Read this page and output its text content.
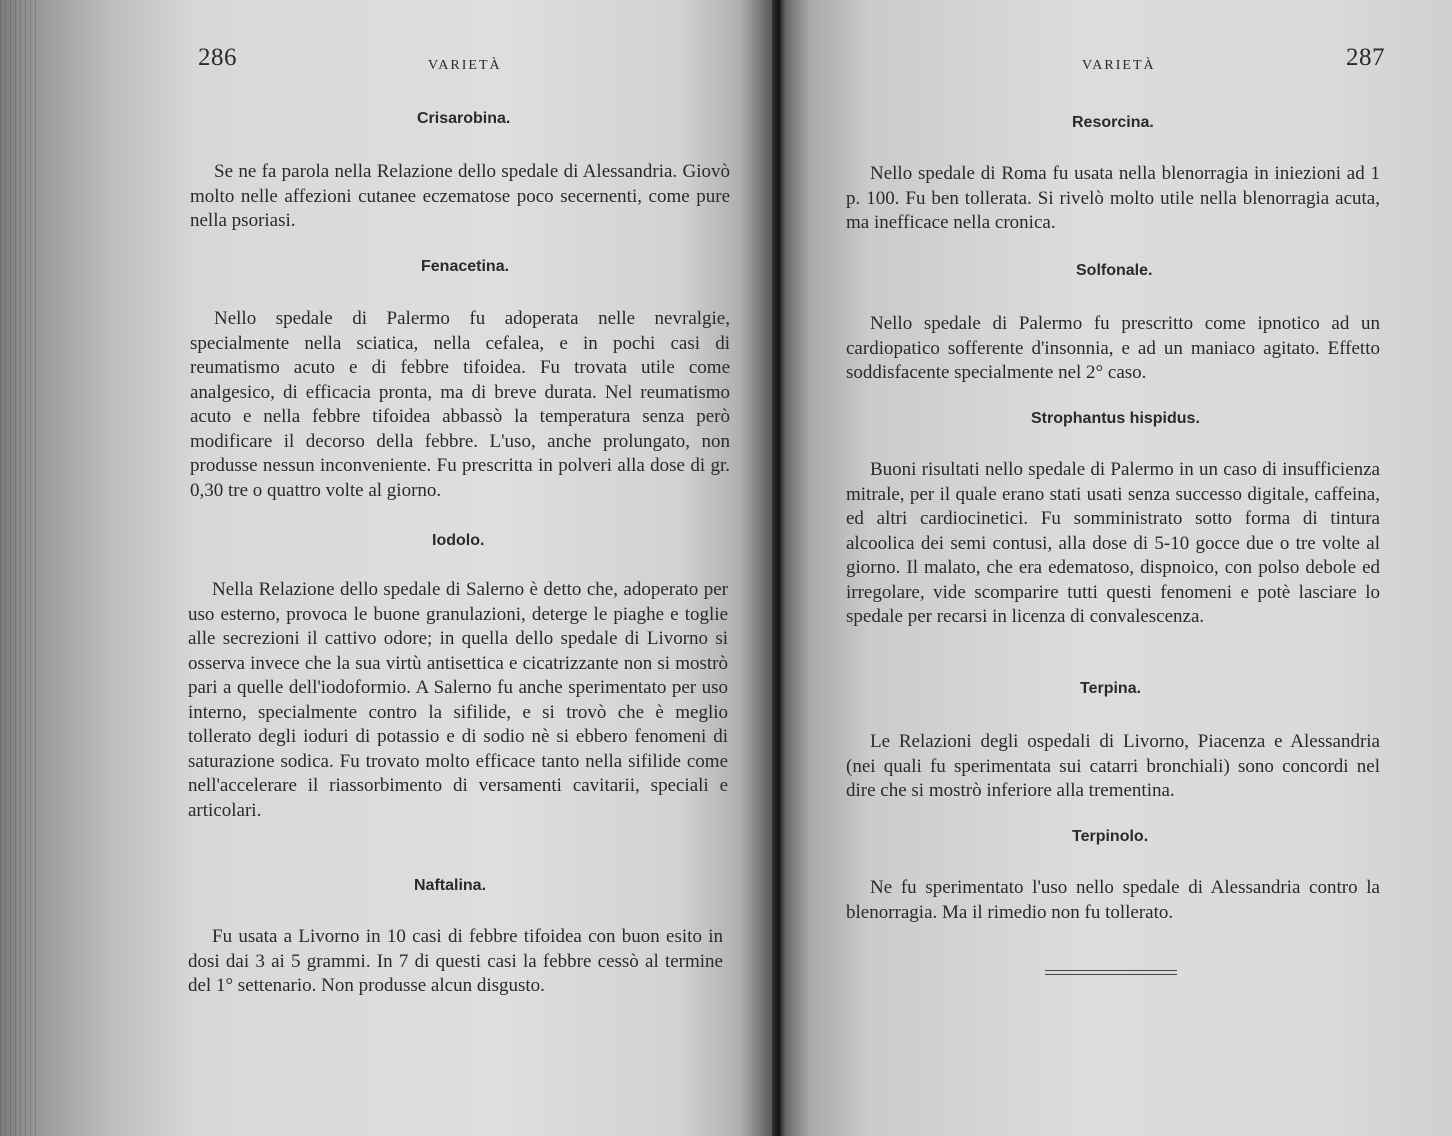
286	VARIETÀ
Crisarobina.
Se ne fa parola nella Relazione dello spedale di Alessandria. Giovò molto nelle affezioni cutanee eczematose poco secernenti, come pure nella psoriasi.
Fenacetina.
Nello spedale di Palermo fu adoperata nelle nevralgie, specialmente nella sciatica, nella cefalea, e in pochi casi di reumatismo acuto e di febbre tifoidea. Fu trovata utile come analgesico, di efficacia pronta, ma di breve durata. Nel reumatismo acuto e nella febbre tifoidea abbassò la temperatura senza però modificare il decorso della febbre. L'uso, anche prolungato, non produsse nessun inconveniente. Fu prescritta in polveri alla dose di gr. 0,30 tre o quattro volte al giorno.
Iodolo.
Nella Relazione dello spedale di Salerno è detto che, adoperato per uso esterno, provoca le buone granulazioni, deterge le piaghe e toglie alle secrezioni il cattivo odore; in quella dello spedale di Livorno si osserva invece che la sua virtù antisettica e cicatrizzante non si mostrò pari a quelle dell'iodoformio. A Salerno fu anche sperimentato per uso interno, specialmente contro la sifilide, e si trovò che è meglio tollerato degli ioduri di potassio e di sodio nè si ebbero fenomeni di saturazione sodica. Fu trovato molto efficace tanto nella sifilide come nell'accelerare il riassorbimento di versamenti cavitarii, speciali e articolari.
Naftalina.
Fu usata a Livorno in 10 casi di febbre tifoidea con buon esito in dosi dai 3 ai 5 grammi. In 7 di questi casi la febbre cessò al termine del 1° settenario. Non produsse alcun disgusto.
VARIETÀ	287
Resorcina.
Nello spedale di Roma fu usata nella blenorragia in iniezioni ad 1 p. 100. Fu ben tollerata. Si rivelò molto utile nella blenorragia acuta, ma inefficace nella cronica.
Solfonale.
Nello spedale di Palermo fu prescritto come ipnotico ad un cardiopatico sofferente d'insonnia, e ad un maniaco agitato. Effetto soddisfacente specialmente nel 2° caso.
Strophantus hispidus.
Buoni risultati nello spedale di Palermo in un caso di insufficienza mitrale, per il quale erano stati usati senza successo digitale, caffeina, ed altri cardiocinetici. Fu somministrato sotto forma di tintura alcoolica dei semi contusi, alla dose di 5-10 gocce due o tre volte al giorno. Il malato, che era edematoso, dispnoico, con polso debole ed irregolare, vide scomparire tutti questi fenomeni e potè lasciare lo spedale per recarsi in licenza di convalescenza.
Terpina.
Le Relazioni degli ospedali di Livorno, Piacenza e Alessandria (nei quali fu sperimentata sui catarri bronchiali) sono concordi nel dire che si mostrò inferiore alla trementina.
Terpinolo.
Ne fu sperimentato l'uso nello spedale di Alessandria contro la blenorragia. Ma il rimedio non fu tollerato.
